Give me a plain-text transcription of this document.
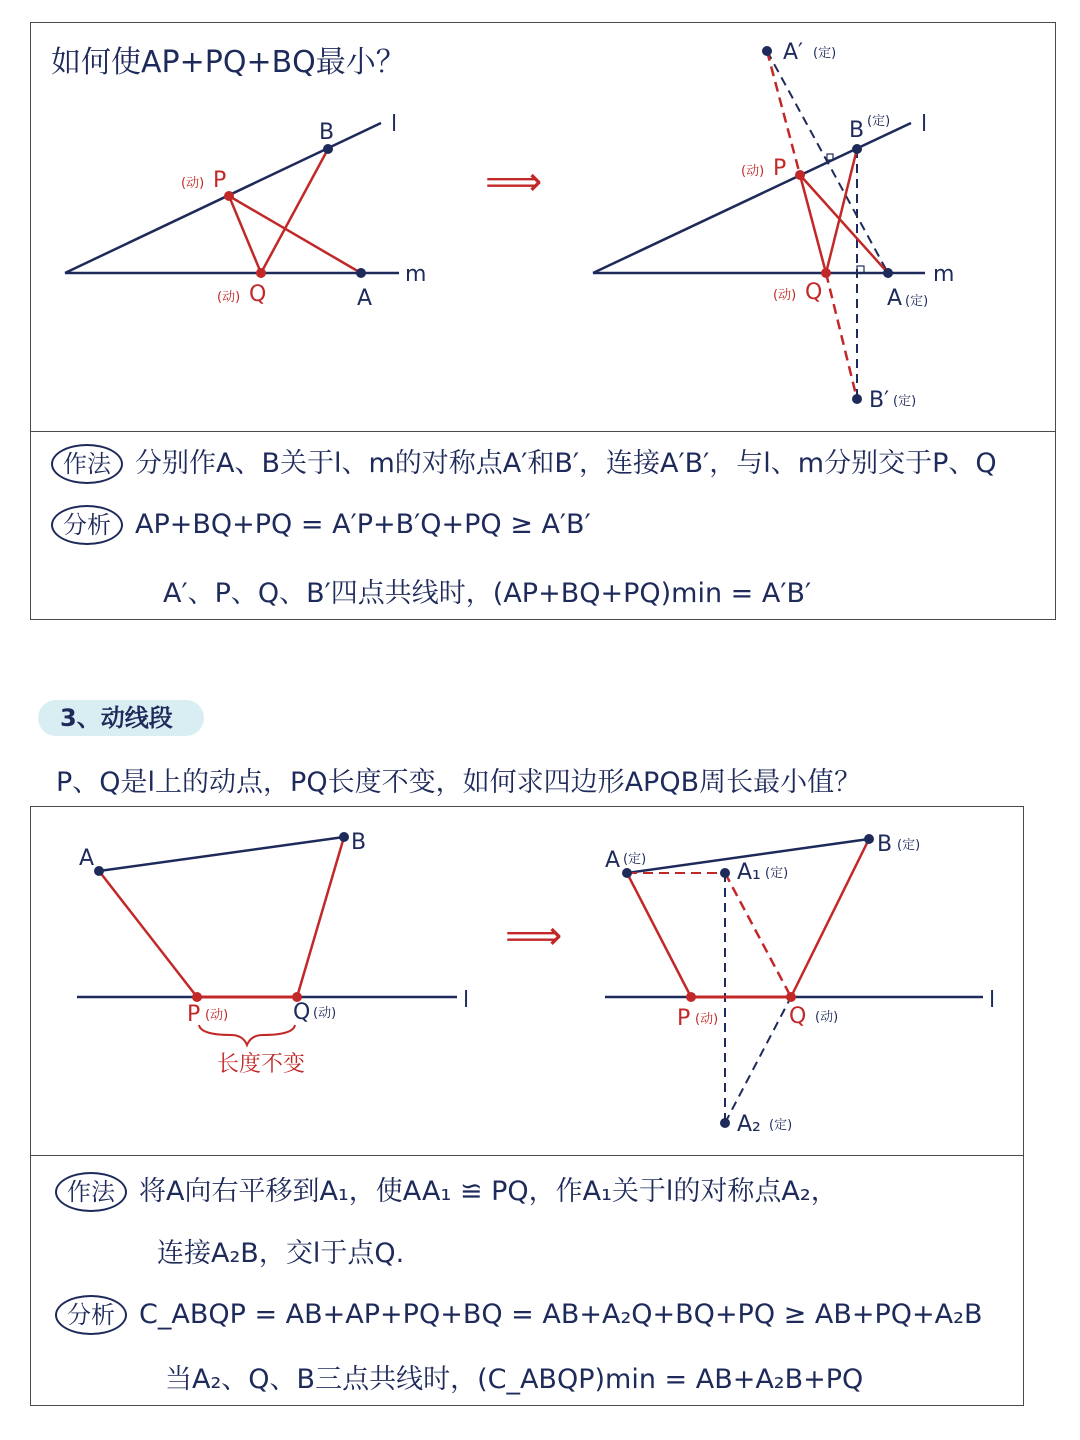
如何使AP+PQ+BQ最小？
B	l
P
(动)
Q
(动)	A
m
⟹
A′ (定)
B (定) l
P
(动)
Q
(动)	A (定)
m
B′ (定)
作法 分别作A、B关于l、m的对称点A′和B′，连接A′B′，与l、m分别交于P、Q
分析 AP+BQ+PQ = A′P+B′Q+PQ ≥ A′B′
A′、P、Q、B′四点共线时，(AP+BQ+PQ)min = A′B′
3、动线段
P、Q是l上的动点，PQ长度不变，如何求四边形APQB周长最小值？
A
B
P (动)	Q (动)
l
长度不变
⟹
A (定)
B (定)
A₁ (定)
P (动)	Q (动)
l
A₂ (定)
作法 将A向右平移到A₁，使AA₁ ≌ PQ，作A₁关于l的对称点A₂，
连接A₂B，交l于点Q.
分析 C_ABQP = AB+AP+PQ+BQ = AB+A₂Q+BQ+PQ ≥ AB+PQ+A₂B
当A₂、Q、B三点共线时，(C_ABQP)min = AB+A₂B+PQ
